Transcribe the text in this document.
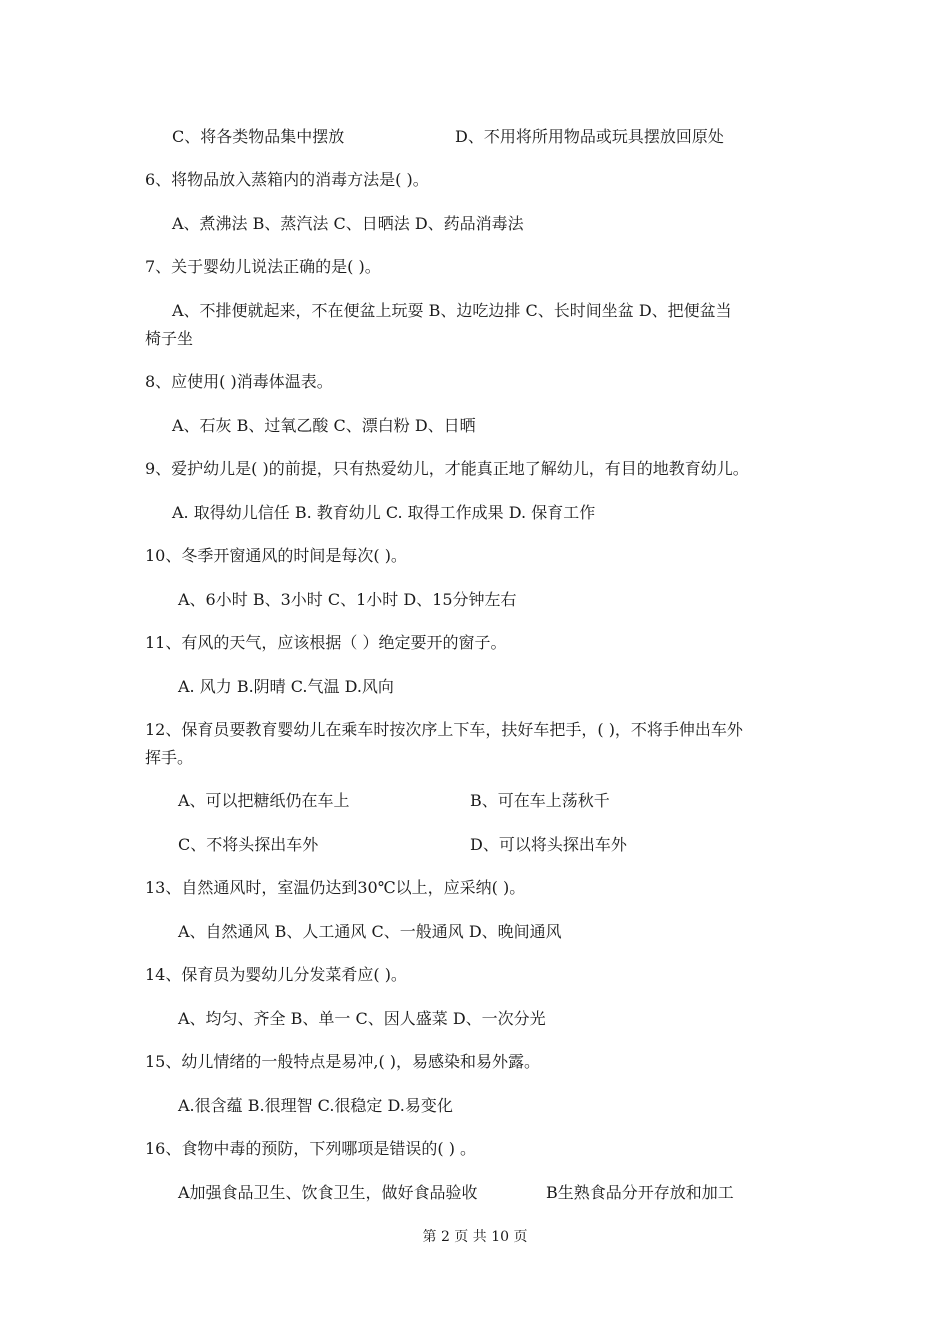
C、将各类物品集中摆放	D、不用将所用物品或玩具摆放回原处
6、将物品放入蒸箱内的消毒方法是( )。
A、煮沸法 B、蒸汽法 C、日晒法 D、药品消毒法
7、关于婴幼儿说法正确的是( )。
A、不排便就起来，不在便盆上玩耍 B、边吃边排 C、长时间坐盆 D、把便盆当
椅子坐
8、应使用( )消毒体温表。
A、石灰 B、过氧乙酸 C、漂白粉 D、日晒
9、爱护幼儿是( )的前提，只有热爱幼儿，才能真正地了解幼儿，有目的地教育幼儿。
A. 取得幼儿信任 B. 教育幼儿 C. 取得工作成果 D. 保育工作
10、冬季开窗通风的时间是每次( )。
A、6小时 B、3小时 C、1小时 D、15分钟左右
11、有风的天气，应该根据（ ）绝定要开的窗子。
A. 风力 B.阴晴 C.气温 D.风向
12、保育员要教育婴幼儿在乘车时按次序上下车，扶好车把手，( )，不将手伸出车外
挥手。
A、可以把糖纸仍在车上	B、可在车上荡秋千
C、不将头探出车外	D、可以将头探出车外
13、自然通风时，室温仍达到30℃以上，应采纳( )。
A、自然通风 B、人工通风 C、一般通风 D、晚间通风
14、保育员为婴幼儿分发菜肴应( )。
A、均匀、齐全 B、单一 C、因人盛菜 D、一次分光
15、幼儿情绪的一般特点是易冲,( )，易感染和易外露。
A.很含蕴 B.很理智 C.很稳定 D.易变化
16、食物中毒的预防，下列哪项是错误的( ) 。
A加强食品卫生、饮食卫生，做好食品验收	B生熟食品分开存放和加工
第 2 页 共 10 页
